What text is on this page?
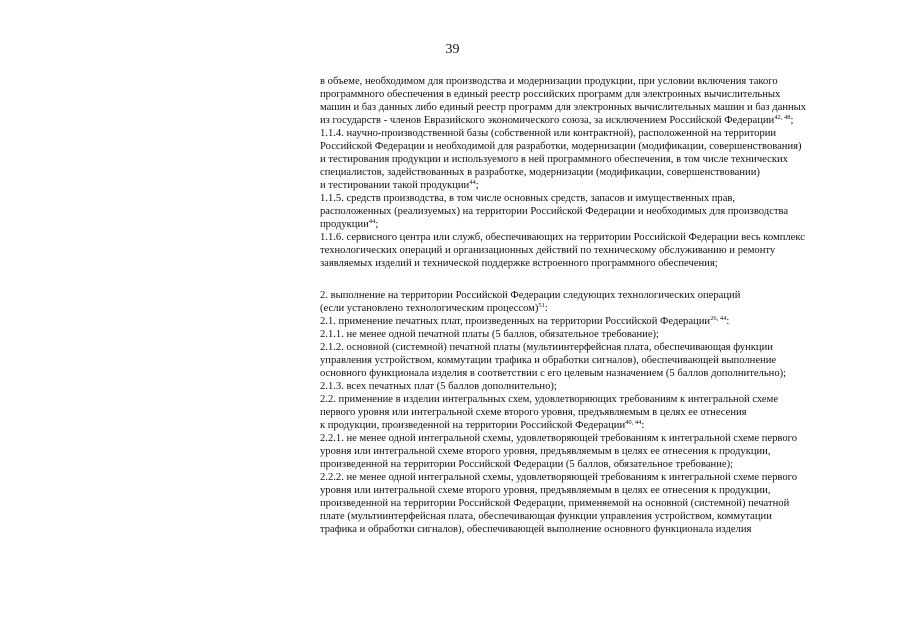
39
в объеме, необходимом для производства и модернизации продукции, при условии включения такого
программного обеспечения в единый реестр российских программ для электронных вычислительных
машин и баз данных либо единый реестр программ для электронных вычислительных машин и баз данных
из государств - членов Евразийского экономического союза, за исключением Российской Федерации$^{42, 48}$;
1.1.4. научно-производственной базы (собственной или контрактной), расположенной на территории
Российской Федерации и необходимой для разработки, модернизации (модификации, совершенствования)
и тестирования продукции и используемого в ней программного обеспечения, в том числе технических
специалистов, задействованных в разработке, модернизации (модификации, совершенствовании)
и тестировании такой продукции$^{44}$;
1.1.5. средств производства, в том числе основных средств, запасов и имущественных прав,
расположенных (реализуемых) на территории Российской Федерации и необходимых для производства
продукции$^{44}$;
1.1.6. сервисного центра или служб, обеспечивающих на территории Российской Федерации весь комплекс
технологических операций и организационных действий по техническому обслуживанию и ремонту
заявляемых изделий и технической поддержке встроенного программного обеспечения;
2. выполнение на территории Российской Федерации следующих технологических операций
(если установлено технологическим процессом)$^{51}$:
2.1. применение печатных плат, произведенных на территории Российской Федерации$^{26, 44}$:
2.1.1. не менее одной печатной платы (5 баллов, обязательное требование);
2.1.2. основной (системной) печатной платы (мультиинтерфейсная плата, обеспечивающая функции
управления устройством, коммутации трафика и обработки сигналов), обеспечивающей выполнение
основного функционала изделия в соответствии с его целевым назначением (5 баллов дополнительно);
2.1.3. всех печатных плат (5 баллов дополнительно);
2.2. применение в изделии интегральных схем, удовлетворяющих требованиям к интегральной схеме
первого уровня или интегральной схеме второго уровня, предъявляемым в целях ее отнесения
к продукции, произведенной на территории Российской Федерации$^{40, 44}$:
2.2.1. не менее одной интегральной схемы, удовлетворяющей требованиям к интегральной схеме первого
уровня или интегральной схеме второго уровня, предъявляемым в целях ее отнесения к продукции,
произведенной на территории Российской Федерации (5 баллов, обязательное требование);
2.2.2. не менее одной интегральной схемы, удовлетворяющей требованиям к интегральной схеме первого
уровня или интегральной схеме второго уровня, предъявляемым в целях ее отнесения к продукции,
произведенной на территории Российской Федерации, применяемой на основной (системной) печатной
плате (мультиинтерфейсная плата, обеспечивающая функции управления устройством, коммутации
трафика и обработки сигналов), обеспечивающей выполнение основного функционала изделия
